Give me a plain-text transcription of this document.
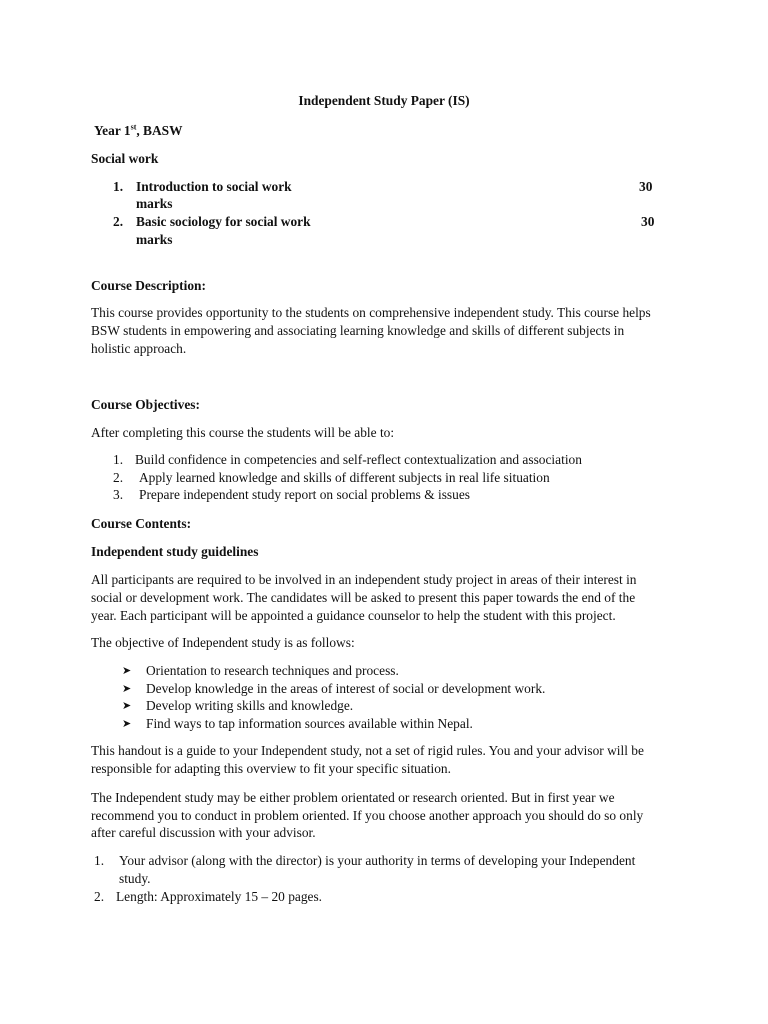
Independent Study Paper (IS)
Year 1st, BASW
Social work
1. Introduction to social work	30
marks
2. Basic sociology for social work	30
marks
Course Description:
This course provides opportunity to the students on comprehensive independent study. This course helps
BSW students in empowering and associating learning knowledge and skills of different subjects in
holistic approach.
Course Objectives:
After completing this course the students will be able to:
1. Build confidence in competencies and self-reflect contextualization and association
2. Apply learned knowledge and skills of different subjects in real life situation
3. Prepare independent study report on social problems & issues
Course Contents:
Independent study guidelines
All participants are required to be involved in an independent study project in areas of their interest in
social or development work. The candidates will be asked to present this paper towards the end of the
year. Each participant will be appointed a guidance counselor to help the student with this project.
The objective of Independent study is as follows:
➤ Orientation to research techniques and process.
➤ Develop knowledge in the areas of interest of social or development work.
➤ Develop writing skills and knowledge.
➤ Find ways to tap information sources available within Nepal.
This handout is a guide to your Independent study, not a set of rigid rules. You and your advisor will be
responsible for adapting this overview to fit your specific situation.
The Independent study may be either problem orientated or research oriented. But in first year we
recommend you to conduct in problem oriented. If you choose another approach you should do so only
after careful discussion with your advisor.
1. Your advisor (along with the director) is your authority in terms of developing your Independent
study.
2. Length: Approximately 15 – 20 pages.
